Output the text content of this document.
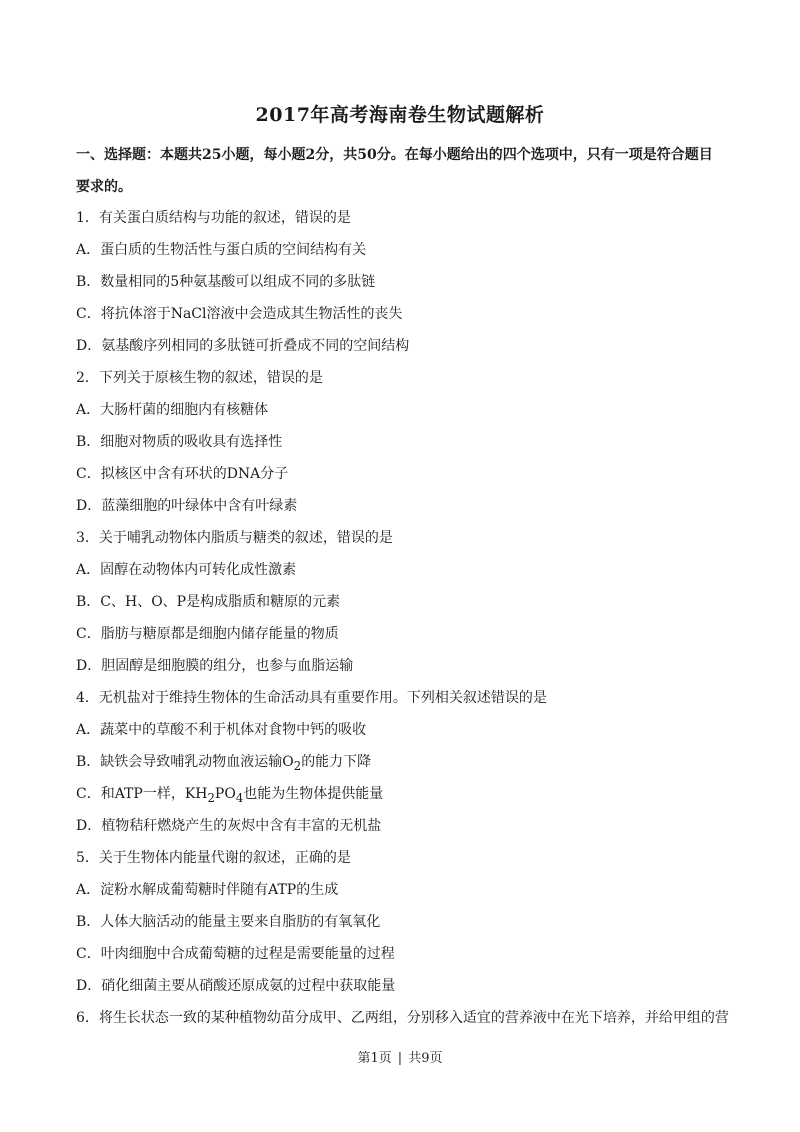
2017年高考海南卷生物试题解析
一、选择题：本题共25小题，每小题2分，共50分。在每小题给出的四个选项中，只有一项是符合题目
要求的。
1．有关蛋白质结构与功能的叙述，错误的是
A．蛋白质的生物活性与蛋白质的空间结构有关
B．数量相同的5种氨基酸可以组成不同的多肽链
C．将抗体溶于NaCl溶液中会造成其生物活性的丧失
D．氨基酸序列相同的多肽链可折叠成不同的空间结构
2．下列关于原核生物的叙述，错误的是
A．大肠杆菌的细胞内有核糖体
B．细胞对物质的吸收具有选择性
C．拟核区中含有环状的DNA分子
D．蓝藻细胞的叶绿体中含有叶绿素
3．关于哺乳动物体内脂质与糖类的叙述，错误的是
A．固醇在动物体内可转化成性激素
B．C、H、O、P是构成脂质和糖原的元素
C．脂肪与糖原都是细胞内储存能量的物质
D．胆固醇是细胞膜的组分，也参与血脂运输
4．无机盐对于维持生物体的生命活动具有重要作用。下列相关叙述错误的是
A．蔬菜中的草酸不利于机体对食物中钙的吸收
B．缺铁会导致哺乳动物血液运输$O_2$的能力下降
C．和ATP一样，$KH_2PO_4$也能为生物体提供能量
D．植物秸秆燃烧产生的灰烬中含有丰富的无机盐
5．关于生物体内能量代谢的叙述，正确的是
A．淀粉水解成葡萄糖时伴随有ATP的生成
B．人体大脑活动的能量主要来自脂肪的有氧氧化
C．叶肉细胞中合成葡萄糖的过程是需要能量的过程
D．硝化细菌主要从硝酸还原成氨的过程中获取能量
6．将生长状态一致的某种植物幼苗分成甲、乙两组，分别移入适宜的营养液中在光下培养，并给甲组的营
第1页 | 共9页
